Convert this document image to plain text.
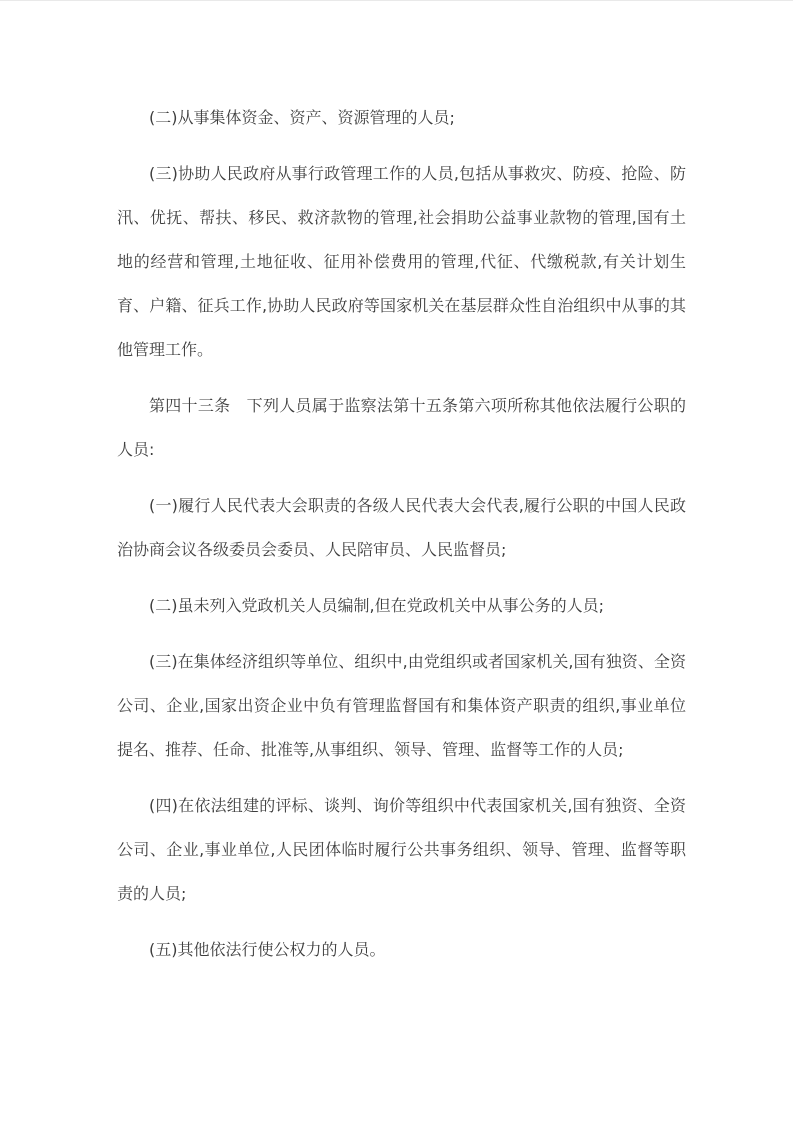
(二)从事集体资金、资产、资源管理的人员;

(三)协助人民政府从事行政管理工作的人员,包括从事救灾、防疫、抢险、防汛、优抚、帮扶、移民、救济款物的管理,社会捐助公益事业款物的管理,国有土地的经营和管理,土地征收、征用补偿费用的管理,代征、代缴税款,有关计划生育、户籍、征兵工作,协助人民政府等国家机关在基层群众性自治组织中从事的其他管理工作。

第四十三条　下列人员属于监察法第十五条第六项所称其他依法履行公职的人员:

(一)履行人民代表大会职责的各级人民代表大会代表,履行公职的中国人民政治协商会议各级委员会委员、人民陪审员、人民监督员;

(二)虽未列入党政机关人员编制,但在党政机关中从事公务的人员;

(三)在集体经济组织等单位、组织中,由党组织或者国家机关,国有独资、全资公司、企业,国家出资企业中负有管理监督国有和集体资产职责的组织,事业单位提名、推荐、任命、批准等,从事组织、领导、管理、监督等工作的人员;

(四)在依法组建的评标、谈判、询价等组织中代表国家机关,国有独资、全资公司、企业,事业单位,人民团体临时履行公共事务组织、领导、管理、监督等职责的人员;

(五)其他依法行使公权力的人员。
